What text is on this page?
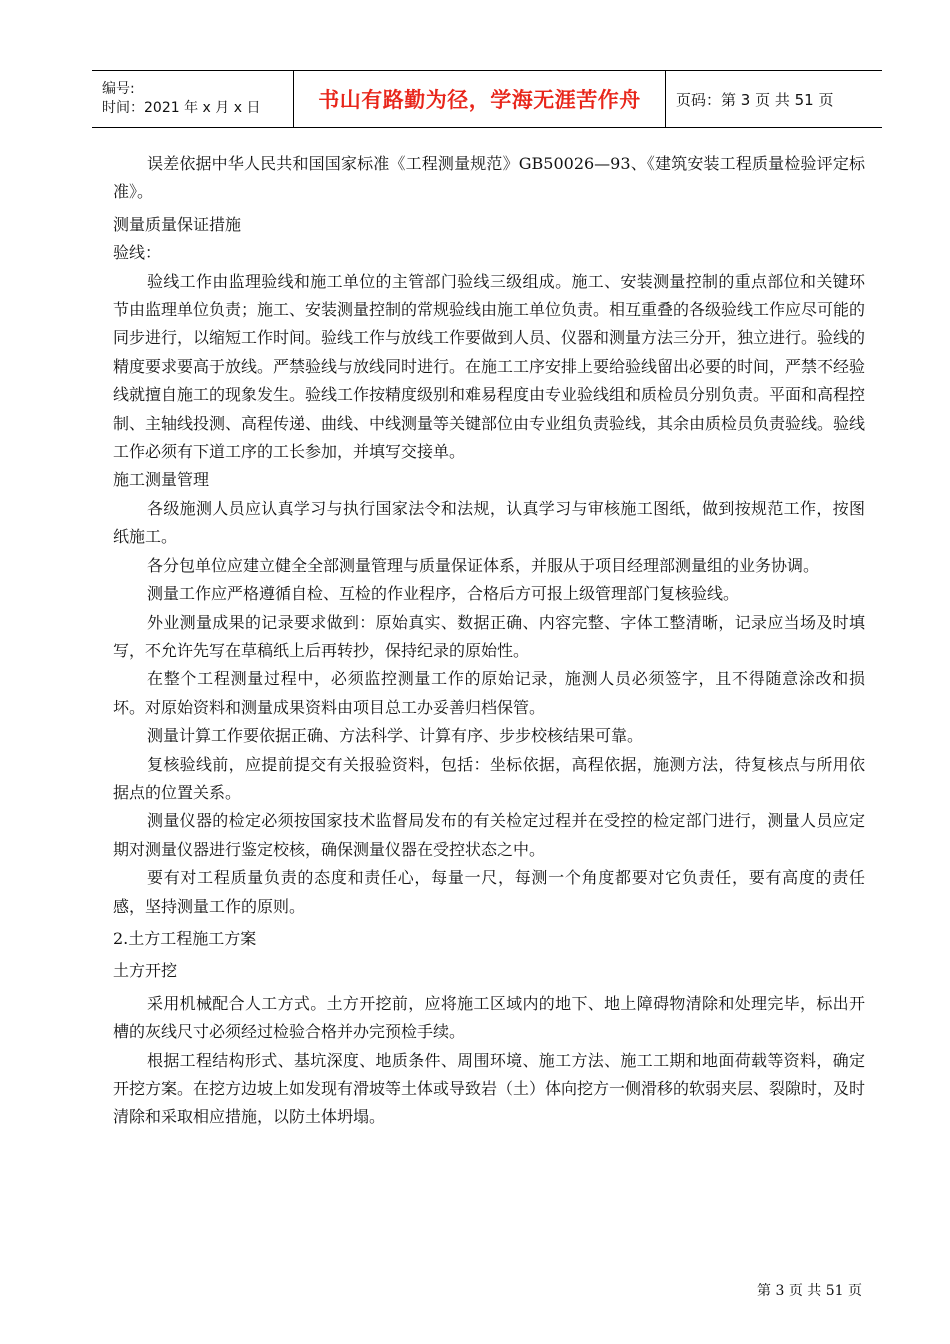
编号:
时间：2021 年 x 月 x 日	书山有路勤为径，学海无涯苦作舟	页码：第 3 页 共 51 页

误差依据中华人民共和国国家标准《工程测量规范》GB50026—93、《建筑安装工程质量检验评定标准》。

测量质量保证措施

验线：

验线工作由监理验线和施工单位的主管部门验线三级组成。施工、安装测量控制的重点部位和关键环节由监理单位负责；施工、安装测量控制的常规验线由施工单位负责。相互重叠的各级验线工作应尽可能的同步进行，以缩短工作时间。验线工作与放线工作要做到人员、仪器和测量方法三分开，独立进行。验线的精度要求要高于放线。严禁验线与放线同时进行。在施工工序安排上要给验线留出必要的时间，严禁不经验线就擅自施工的现象发生。验线工作按精度级别和难易程度由专业验线组和质检员分别负责。平面和高程控制、主轴线投测、高程传递、曲线、中线测量等关键部位由专业组负责验线，其余由质检员负责验线。验线工作必须有下道工序的工长参加，并填写交接单。

施工测量管理

各级施测人员应认真学习与执行国家法令和法规，认真学习与审核施工图纸，做到按规范工作，按图纸施工。

各分包单位应建立健全全部测量管理与质量保证体系，并服从于项目经理部测量组的业务协调。

测量工作应严格遵循自检、互检的作业程序，合格后方可报上级管理部门复核验线。

外业测量成果的记录要求做到：原始真实、数据正确、内容完整、字体工整清晰，记录应当场及时填写，不允许先写在草稿纸上后再转抄，保持纪录的原始性。

在整个工程测量过程中，必须监控测量工作的原始记录，施测人员必须签字，且不得随意涂改和损坏。对原始资料和测量成果资料由项目总工办妥善归档保管。

测量计算工作要依据正确、方法科学、计算有序、步步校核结果可靠。

复核验线前，应提前提交有关报验资料，包括：坐标依据，高程依据，施测方法，待复核点与所用依据点的位置关系。

测量仪器的检定必须按国家技术监督局发布的有关检定过程并在受控的检定部门进行，测量人员应定期对测量仪器进行鉴定校核，确保测量仪器在受控状态之中。

要有对工程质量负责的态度和责任心，每量一尺，每测一个角度都要对它负责任，要有高度的责任感，坚持测量工作的原则。

2.土方工程施工方案

土方开挖

采用机械配合人工方式。土方开挖前，应将施工区域内的地下、地上障碍物清除和处理完毕，标出开槽的灰线尺寸必须经过检验合格并办完预检手续。

根据工程结构形式、基坑深度、地质条件、周围环境、施工方法、施工工期和地面荷载等资料，确定开挖方案。在挖方边坡上如发现有滑坡等土体或导致岩（土）体向挖方一侧滑移的软弱夹层、裂隙时，及时清除和采取相应措施，以防土体坍塌。

第 3 页 共 51 页
